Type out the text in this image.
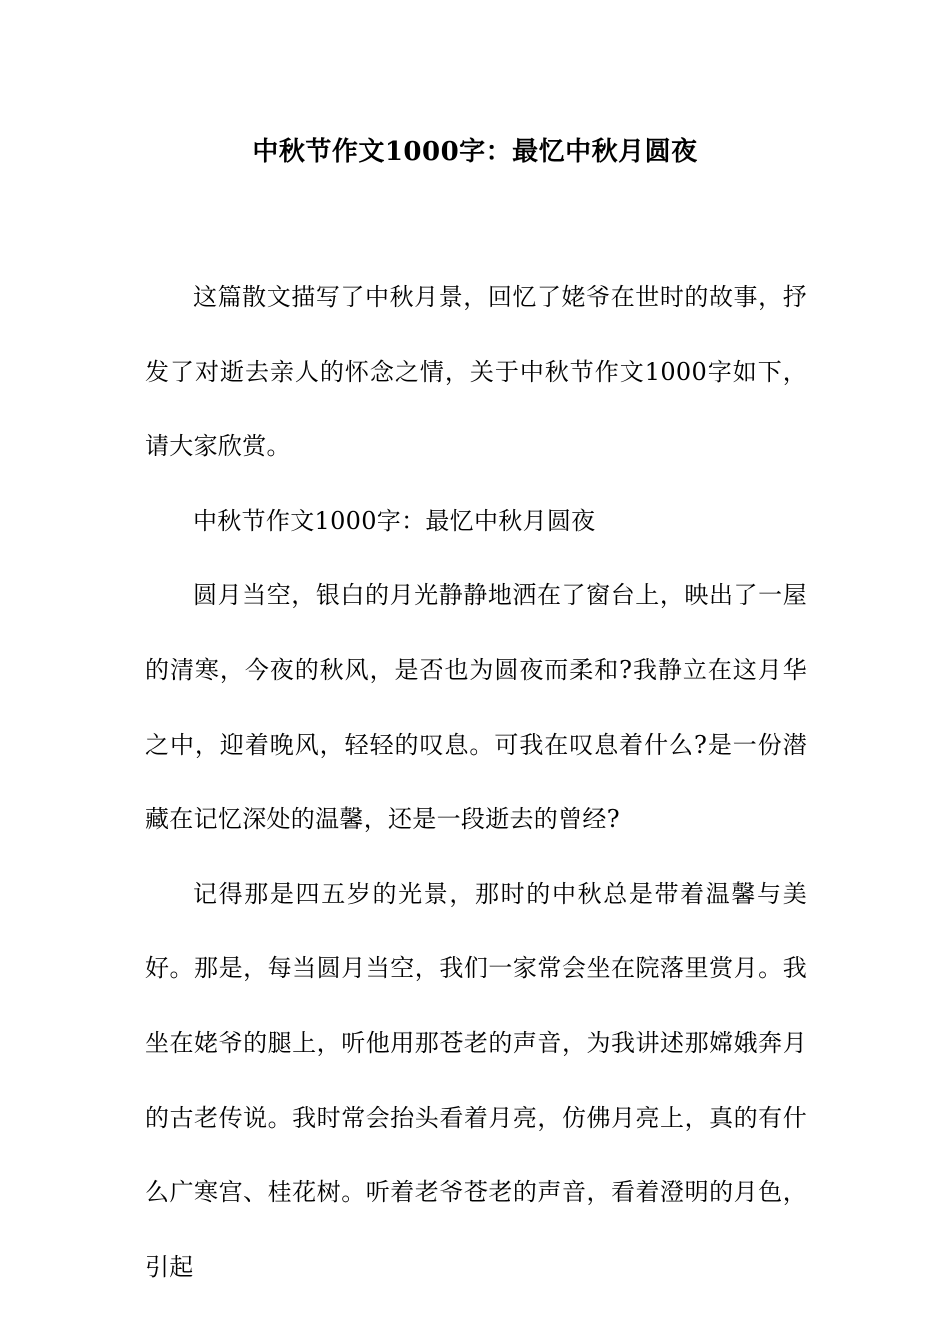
中秋节作文1000字：最忆中秋月圆夜

这篇散文描写了中秋月景，回忆了姥爷在世时的故事，抒发了对逝去亲人的怀念之情，关于中秋节作文1000字如下，请大家欣赏。

中秋节作文1000字：最忆中秋月圆夜

圆月当空，银白的月光静静地洒在了窗台上，映出了一屋的清寒，今夜的秋风，是否也为圆夜而柔和?我静立在这月华之中，迎着晚风，轻轻的叹息。可我在叹息着什么?是一份潜藏在记忆深处的温馨，还是一段逝去的曾经?

记得那是四五岁的光景，那时的中秋总是带着温馨与美好。那是，每当圆月当空，我们一家常会坐在院落里赏月。我坐在姥爷的腿上，听他用那苍老的声音，为我讲述那嫦娥奔月的古老传说。我时常会抬头看着月亮，仿佛月亮上，真的有什么广寒宫、桂花树。听着老爷苍老的声音，看着澄明的月色，引起
